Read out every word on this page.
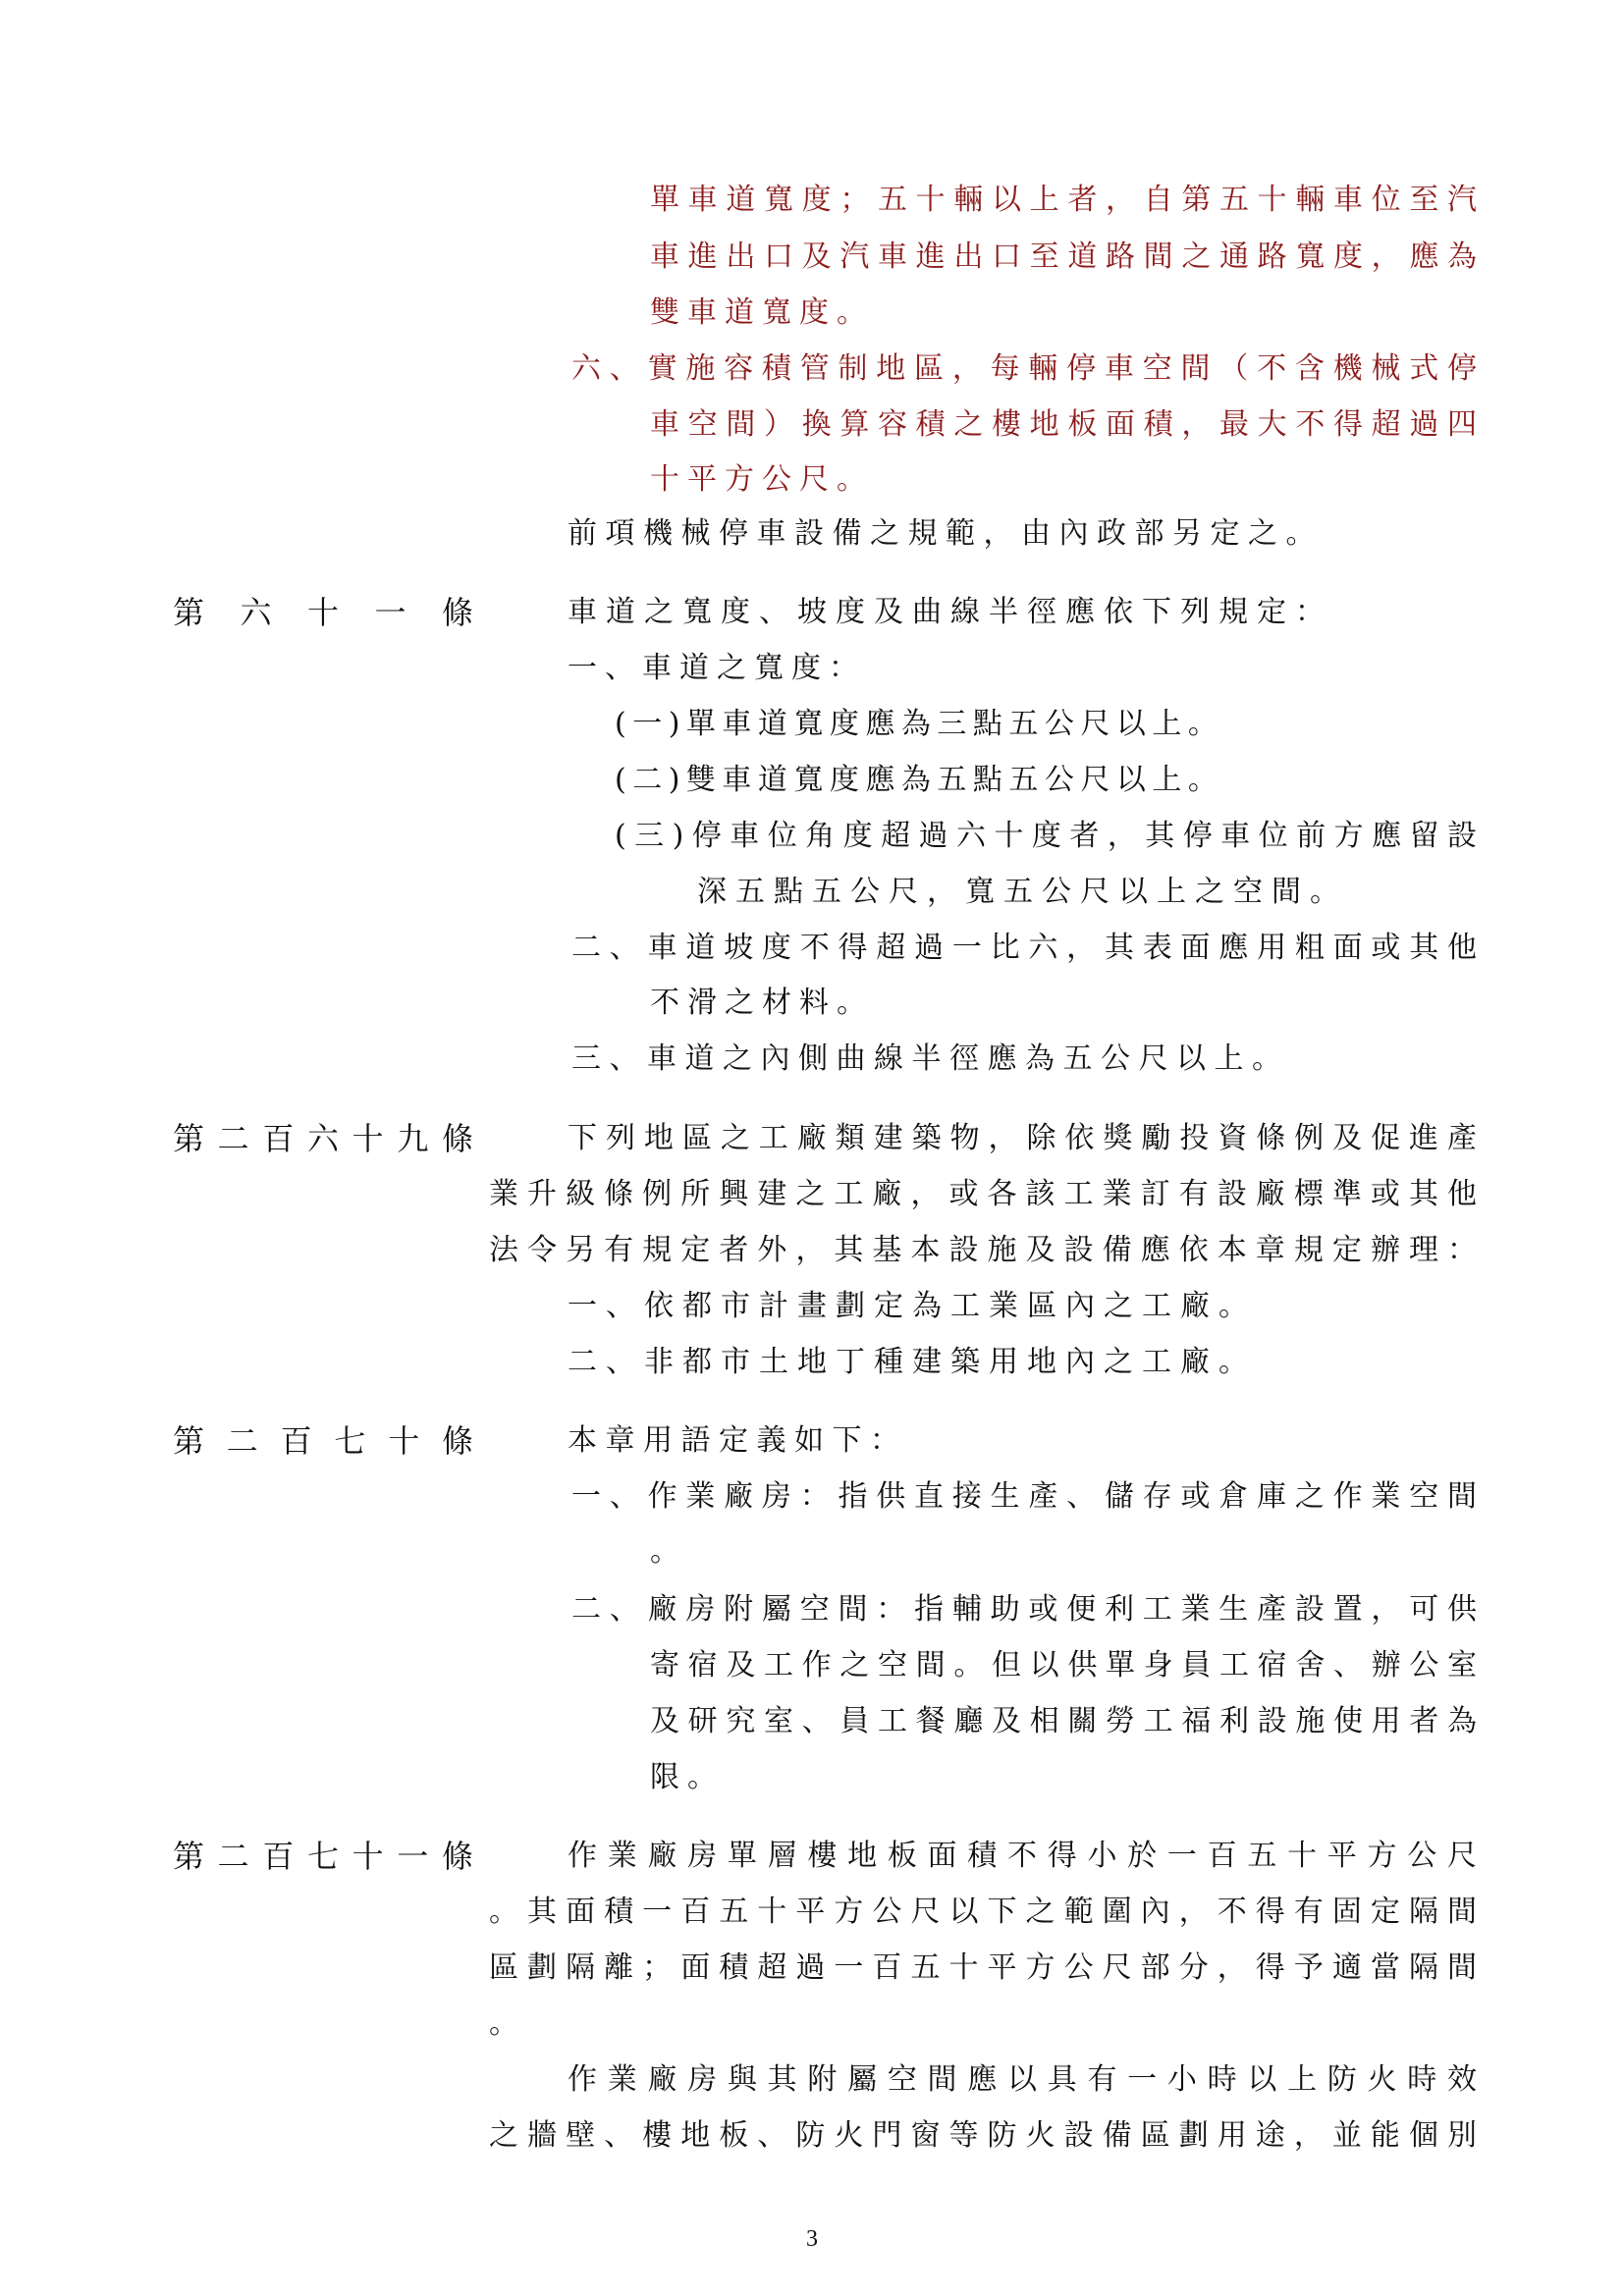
單車道寬度；五十輛以上者，自第五十輛車位至汽
車進出口及汽車進出口至道路間之通路寬度，應為
雙車道寬度。
六、實施容積管制地區，每輛停車空間（不含機械式停
車空間）換算容積之樓地板面積，最大不得超過四
十平方公尺。
前項機械停車設備之規範，由內政部另定之。
第六十一條	車道之寬度、坡度及曲線半徑應依下列規定：
一、車道之寬度：
(一)單車道寬度應為三點五公尺以上。
(二)雙車道寬度應為五點五公尺以上。
(三)停車位角度超過六十度者，其停車位前方應留設
深五點五公尺，寬五公尺以上之空間。
二、車道坡度不得超過一比六，其表面應用粗面或其他
不滑之材料。
三、車道之內側曲線半徑應為五公尺以上。
第二百六十九條	下列地區之工廠類建築物，除依獎勵投資條例及促進產
業升級條例所興建之工廠，或各該工業訂有設廠標準或其他
法令另有規定者外，其基本設施及設備應依本章規定辦理：
一、依都市計畫劃定為工業區內之工廠。
二、非都市土地丁種建築用地內之工廠。
第二百七十條	本章用語定義如下：
一、作業廠房：指供直接生產、儲存或倉庫之作業空間
。
二、廠房附屬空間：指輔助或便利工業生產設置，可供
寄宿及工作之空間。但以供單身員工宿舍、辦公室
及研究室、員工餐廳及相關勞工福利設施使用者為
限。
第二百七十一條	作業廠房單層樓地板面積不得小於一百五十平方公尺
。其面積一百五十平方公尺以下之範圍內，不得有固定隔間
區劃隔離；面積超過一百五十平方公尺部分，得予適當隔間
。
作業廠房與其附屬空間應以具有一小時以上防火時效
之牆壁、樓地板、防火門窗等防火設備區劃用途，並能個別
3
